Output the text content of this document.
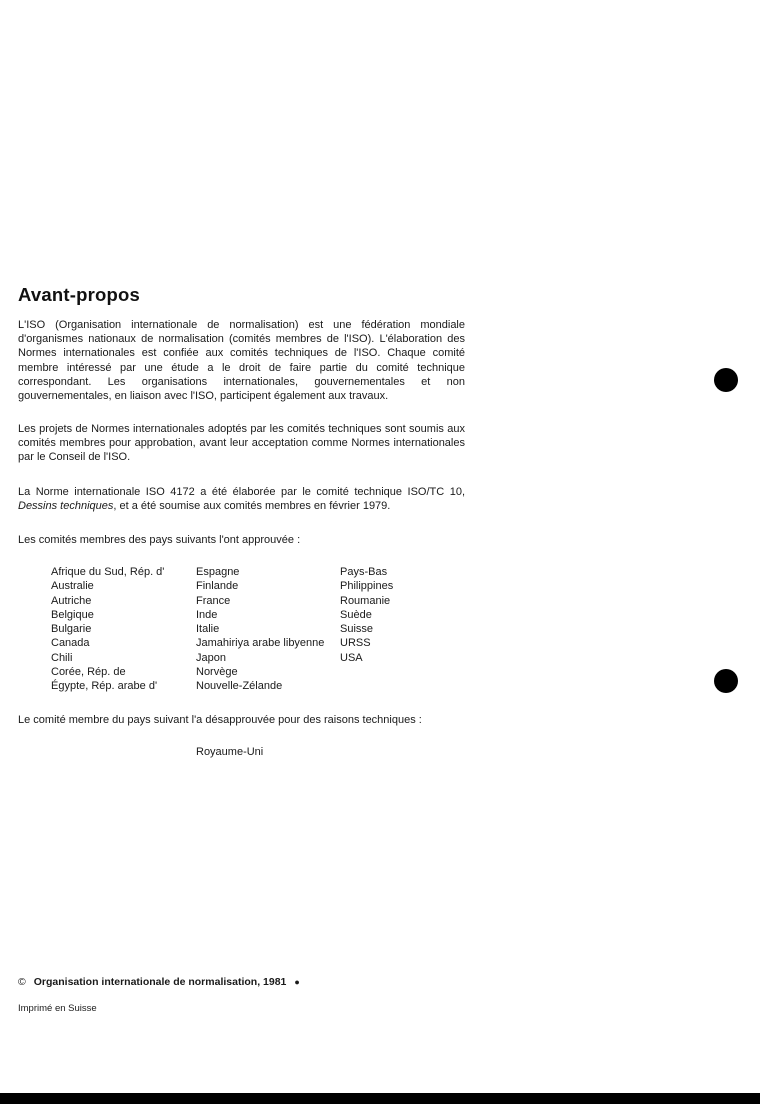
Avant-propos

L'ISO (Organisation internationale de normalisation) est une fédération mondiale d'organismes nationaux de normalisation (comités membres de l'ISO). L'élaboration des Normes internationales est confiée aux comités techniques de l'ISO. Chaque comité membre intéressé par une étude a le droit de faire partie du comité technique correspondant. Les organisations internationales, gouvernementales et non gouvernementales, en liaison avec l'ISO, participent également aux travaux.

Les projets de Normes internationales adoptés par les comités techniques sont soumis aux comités membres pour approbation, avant leur acceptation comme Normes internationales par le Conseil de l'ISO.

La Norme internationale ISO 4172 a été élaborée par le comité technique ISO/TC 10, Dessins techniques, et a été soumise aux comités membres en février 1979.

Les comités membres des pays suivants l'ont approuvée :

Afrique du Sud, Rép. d'
Australie
Autriche
Belgique
Bulgarie
Canada
Chili
Corée, Rép. de
Égypte, Rép. arabe d'
Espagne
Finlande
France
Inde
Italie
Jamahiriya arabe libyenne
Japon
Norvège
Nouvelle-Zélande
Pays-Bas
Philippines
Roumanie
Suède
Suisse
URSS
USA

Le comité membre du pays suivant l'a désapprouvée pour des raisons techniques :

Royaume-Uni
© Organisation internationale de normalisation, 1981 ●
Imprimé en Suisse
